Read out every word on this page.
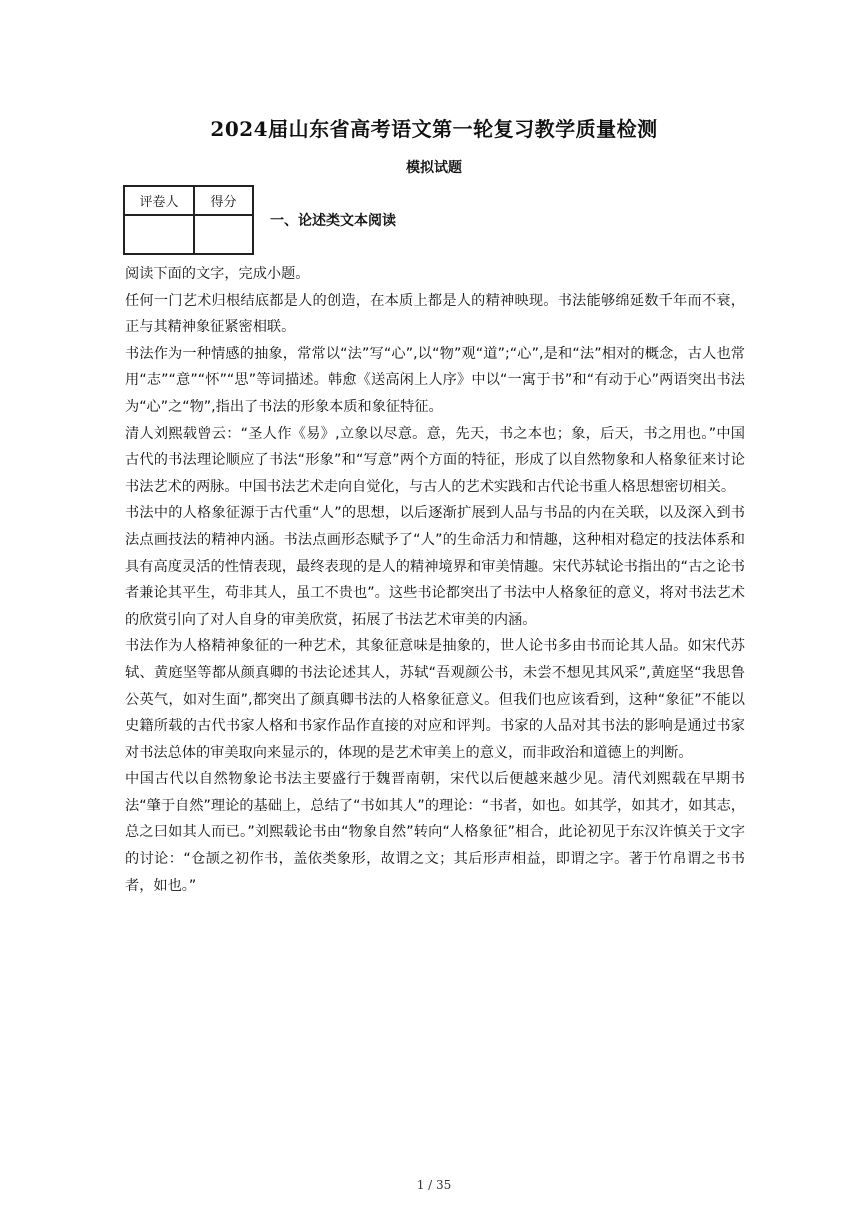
2024届山东省高考语文第一轮复习教学质量检测
模拟试题
评卷人	得分

一、论述类文本阅读

阅读下面的文字，完成小题。

任何一门艺术归根结底都是人的创造，在本质上都是人的精神映现。书法能够绵延数千年而不衰，正与其精神象征紧密相联。

书法作为一种情感的抽象，常常以“法”写“心”,以“物”观“道”;“心”,是和“法”相对的概念，古人也常用“志”“意”“怀”“思”等词描述。韩愈《送高闲上人序》中以“一寓于书”和“有动于心”两语突出书法为“心”之“物”,指出了书法的形象本质和象征特征。

清人刘熙载曾云：“圣人作《易》,立象以尽意。意，先天，书之本也；象，后天，书之用也。”中国古代的书法理论顺应了书法“形象”和“写意”两个方面的特征，形成了以自然物象和人格象征来讨论书法艺术的两脉。中国书法艺术走向自觉化，与古人的艺术实践和古代论书重人格思想密切相关。

书法中的人格象征源于古代重“人”的思想，以后逐渐扩展到人品与书品的内在关联，以及深入到书法点画技法的精神内涵。书法点画形态赋予了“人”的生命活力和情趣，这种相对稳定的技法体系和具有高度灵活的性情表现，最终表现的是人的精神境界和审美情趣。宋代苏轼论书指出的“古之论书者兼论其平生，苟非其人，虽工不贵也”。这些书论都突出了书法中人格象征的意义，将对书法艺术的欣赏引向了对人自身的审美欣赏，拓展了书法艺术审美的内涵。

书法作为人格精神象征的一种艺术，其象征意味是抽象的，世人论书多由书而论其人品。如宋代苏轼、黄庭坚等都从颜真卿的书法论述其人，苏轼“吾观颜公书，未尝不想见其风采”,黄庭坚“我思鲁公英气，如对生面”,都突出了颜真卿书法的人格象征意义。但我们也应该看到，这种“象征”不能以史籍所载的古代书家人格和书家作品作直接的对应和评判。书家的人品对其书法的影响是通过书家对书法总体的审美取向来显示的，体现的是艺术审美上的意义，而非政治和道德上的判断。

中国古代以自然物象论书法主要盛行于魏晋南朝，宋代以后便越来越少见。清代刘熙载在早期书法“肇于自然”理论的基础上，总结了“书如其人”的理论：“书者，如也。如其学，如其才，如其志，总之曰如其人而已。”刘熙载论书由“物象自然”转向“人格象征”相合，此论初见于东汉许慎关于文字的讨论：“仓颉之初作书，盖依类象形，故谓之文；其后形声相益，即谓之字。著于竹帛谓之书书者，如也。”

1 / 35
